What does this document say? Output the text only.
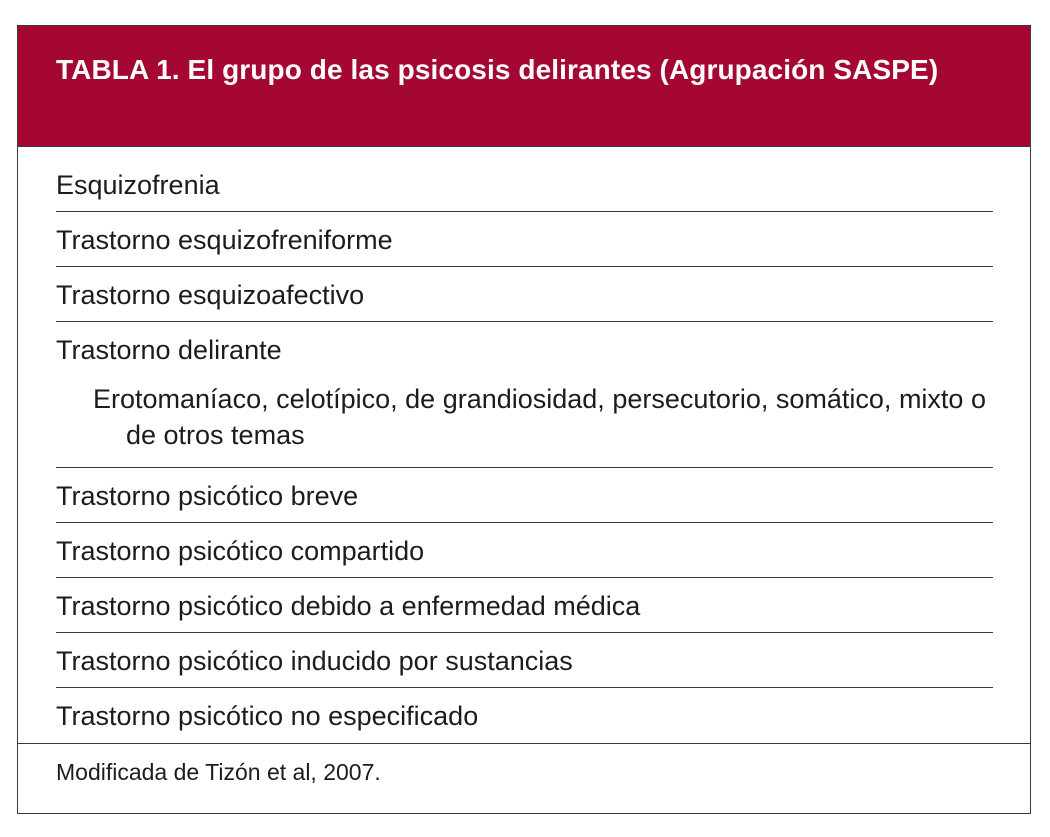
TABLA 1. El grupo de las psicosis delirantes (Agrupación SASPE)
Esquizofrenia
Trastorno esquizofreniforme
Trastorno esquizoafectivo
Trastorno delirante
Erotomaníaco, celotípico, de grandiosidad, persecutorio, somático, mixto o de otros temas
Trastorno psicótico breve
Trastorno psicótico compartido
Trastorno psicótico debido a enfermedad médica
Trastorno psicótico inducido por sustancias
Trastorno psicótico no especificado

Modificada de Tizón et al, 2007.
